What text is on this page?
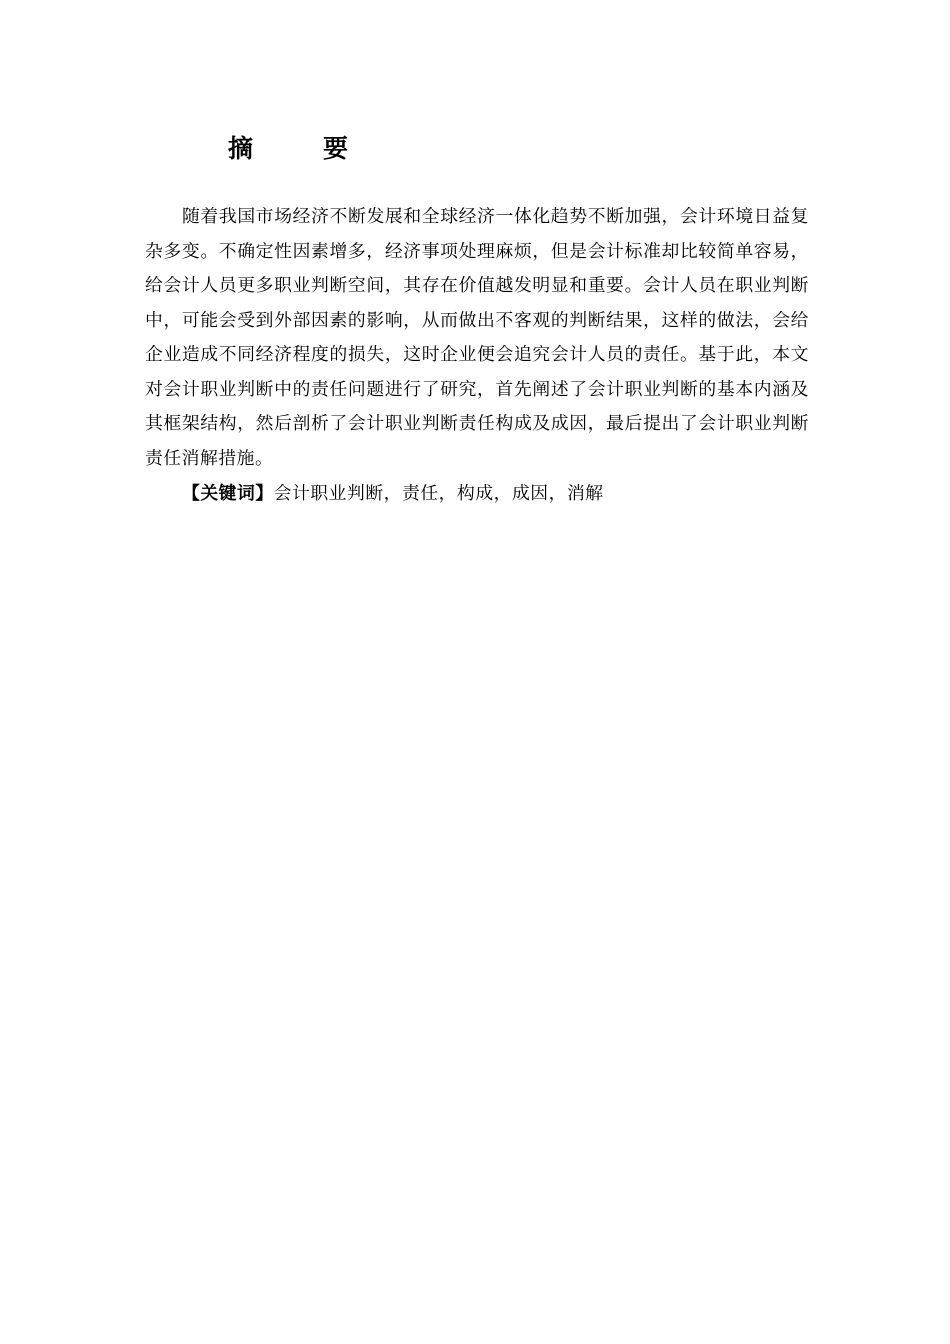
摘	要

随着我国市场经济不断发展和全球经济一体化趋势不断加强，会计环境日益复杂多变。不确定性因素增多，经济事项处理麻烦，但是会计标准却比较简单容易，给会计人员更多职业判断空间，其存在价值越发明显和重要。会计人员在职业判断中，可能会受到外部因素的影响，从而做出不客观的判断结果，这样的做法，会给企业造成不同经济程度的损失，这时企业便会追究会计人员的责任。基于此，本文对会计职业判断中的责任问题进行了研究，首先阐述了会计职业判断的基本内涵及其框架结构，然后剖析了会计职业判断责任构成及成因，最后提出了会计职业判断责任消解措施。

【关键词】会计职业判断，责任，构成，成因，消解
